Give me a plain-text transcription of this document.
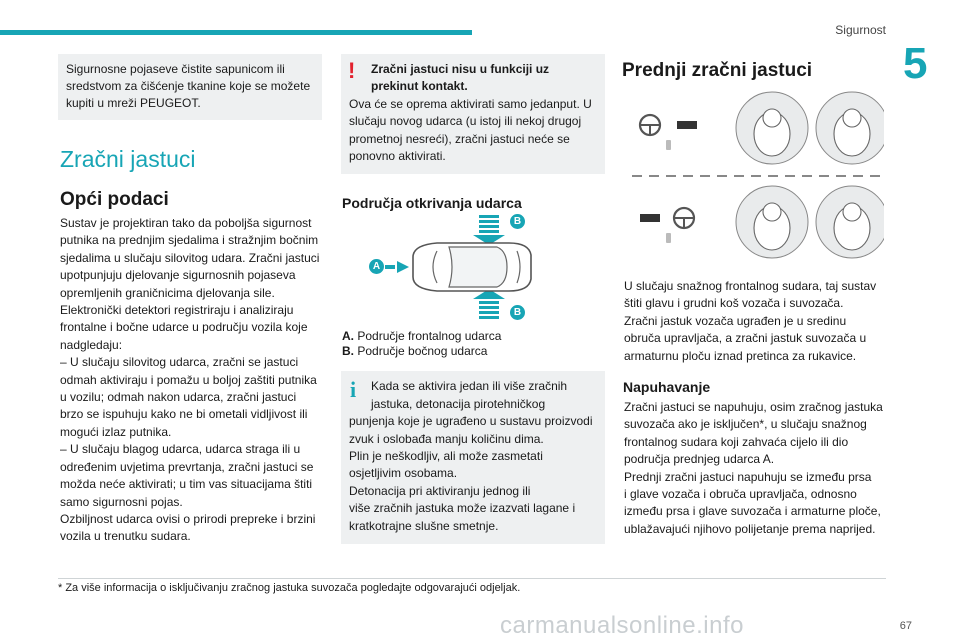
Sigurnost
5
Sigurnosne pojaseve čistite sapunicom ili sredstvom za čišćenje tkanine koje se možete kupiti u mreži PEUGEOT.
Zračni jastuci
Opći podaci

Sustav je projektiran tako da poboljša sigurnost
putnika na prednjim sjedalima i stražnjim bočnim
sjedalima u slučaju silovitog udara. Zračni jastuci
upotpunjuju djelovanje sigurnosnih pojaseva
opremljenih graničnicima djelovanja sile.
Elektronički detektori registriraju i analiziraju
frontalne i bočne udarce u području vozila koje
nadgledaju:
– U slučaju silovitog udarca, zračni se jastuci
odmah aktiviraju i pomažu u boljoj zaštiti putnika
u vozilu; odmah nakon udarca, zračni jastuci
brzo se ispuhuju kako ne bi ometali vidljivost ili
mogući izlaz putnika.
– U slučaju blagog udarca, udarca straga ili u
određenim uvjetima prevrtanja, zračni jastuci se
možda neće aktivirati; u tim vas situacijama štiti
samo sigurnosni pojas.
Ozbiljnost udarca ovisi o prirodi prepreke i brzini
vozila u trenutku sudara.

!	Zračni jastuci nisu u funkciji uz
prekinut kontakt.
Ova će se oprema aktivirati samo jedanput. U
slučaju novog udarca (u istoj ili nekoj drugoj
prometnoj nesreći), zračni jastuci neće se
ponovno aktivirati.
Područja otkrivanja udarca
B
A
B
A. Područje frontalnog udarca
B. Područje bočnog udarca
i	Kada se aktivira jedan ili više zračnih
jastuka, detonacija pirotehničkog
punjenja koje je ugrađeno u sustavu proizvodi
zvuk i oslobađa manju količinu dima.
Plin je neškodljiv, ali može zasmetati
osjetljivim osobama.
Detonacija pri aktiviranju jednog ili
više zračnih jastuka može izazvati lagane i
kratkotrajne slušne smetnje.
Prednji zračni jastuci

U slučaju snažnog frontalnog sudara, taj sustav
štiti glavu i grudni koš vozača i suvozača.
Zračni jastuk vozača ugrađen je u sredinu
obruča upravljača, a zračni jastuk suvozača u
armaturnu ploču iznad pretinca za rukavice.

Napuhavanje

Zračni jastuci se napuhuju, osim zračnog jastuka
suvozača ako je isključen*, u slučaju snažnog
frontalnog sudara koji zahvaća cijelo ili dio
područja prednjeg udarca A.
Prednji zračni jastuci napuhuju se između prsa
i glave vozača i obruča upravljača, odnosno
između prsa i glave suvozača i armaturne ploče,
ublažavajući njihovo polijetanje prema naprijed.

* Za više informacija o isključivanju zračnog jastuka suvozača pogledajte odgovarajući odjeljak.
carmanualsonline.info	67
